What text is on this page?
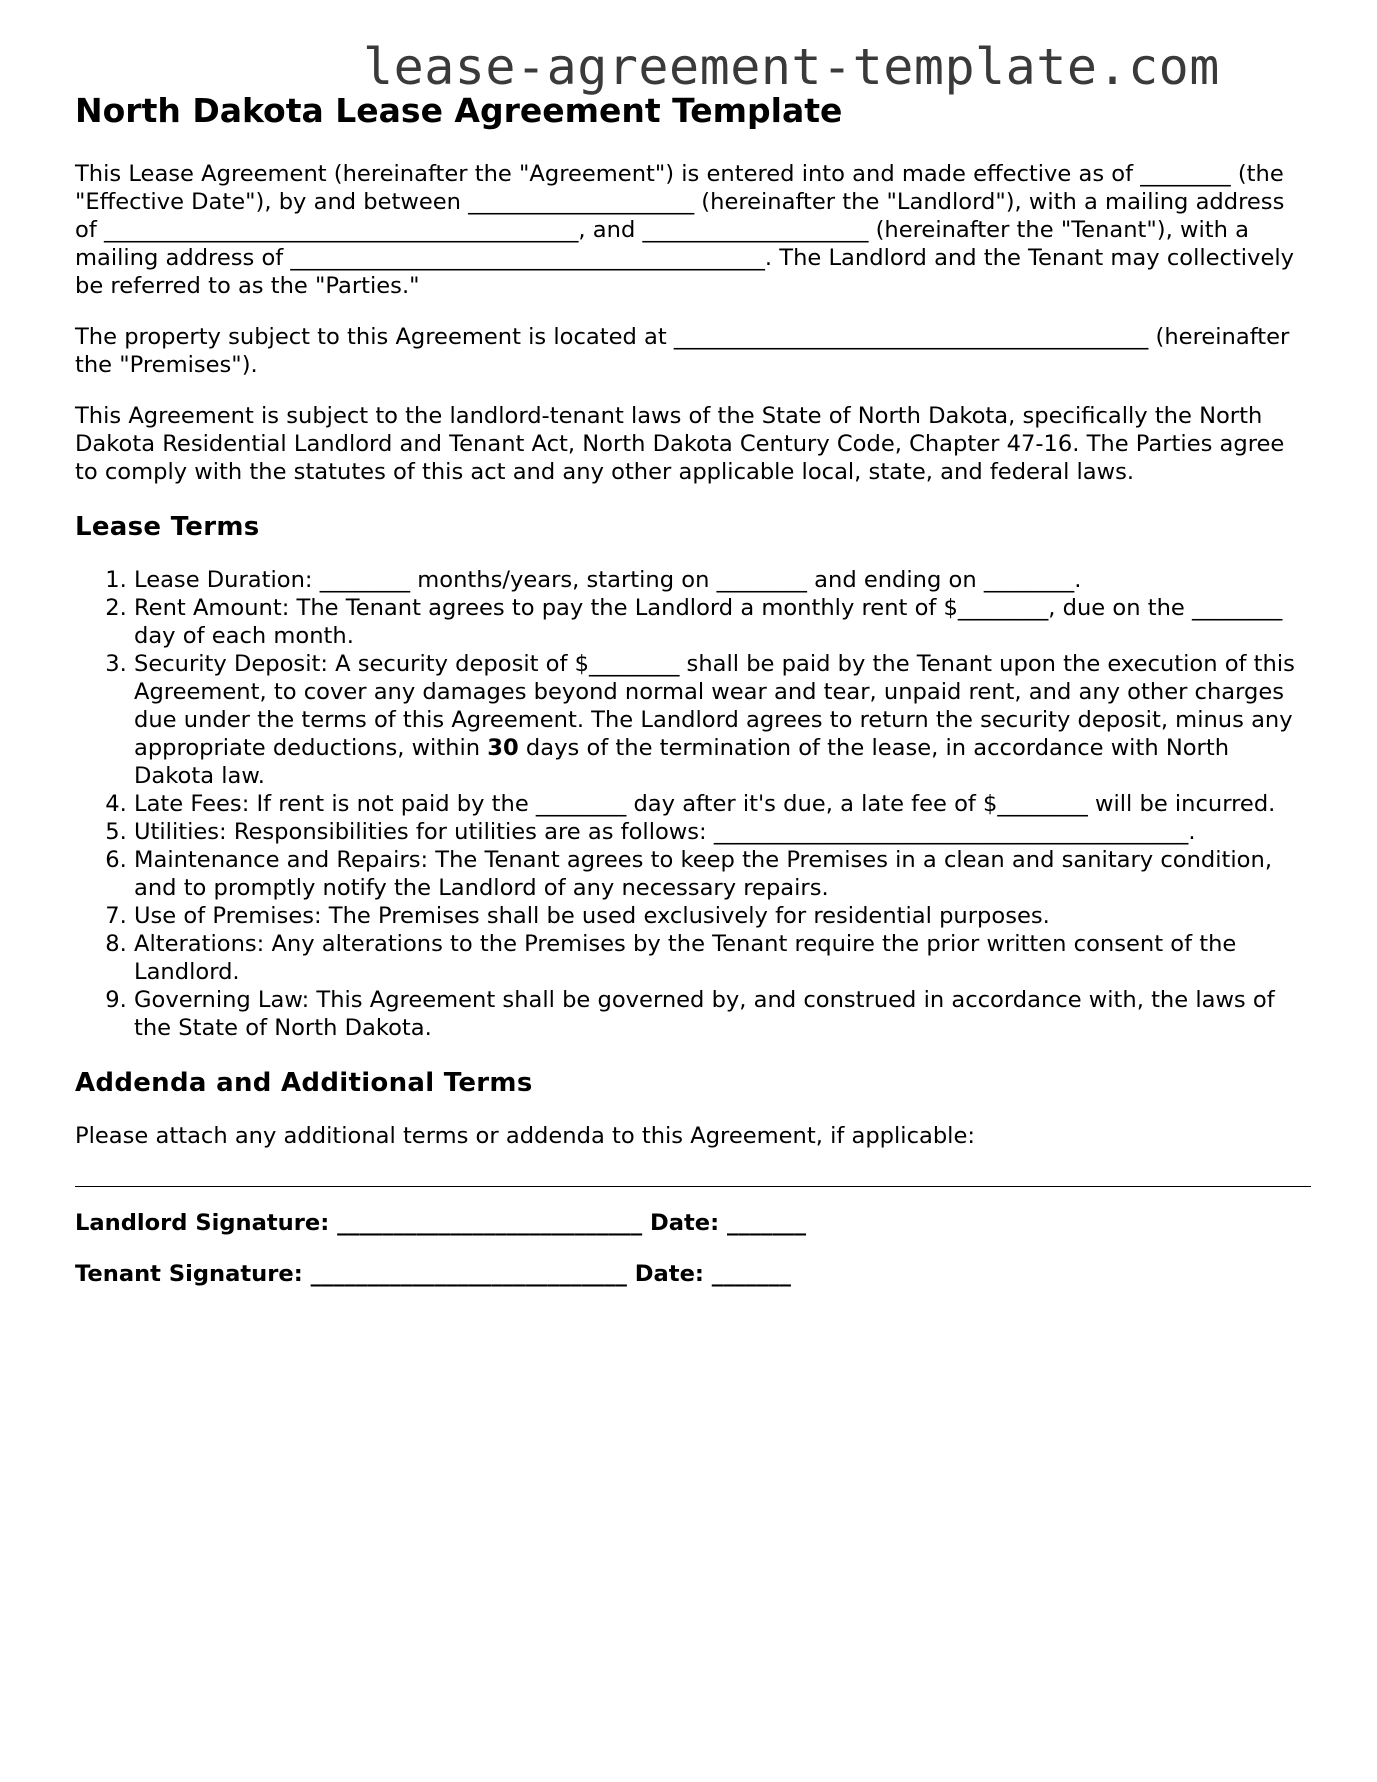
lease-agreement-template.com
North Dakota Lease Agreement Template

This Lease Agreement (hereinafter the "Agreement") is entered into and made effective as of ________ (the "Effective Date"), by and between ____________________ (hereinafter the "Landlord"), with a mailing address of __________________________________________, and ____________________ (hereinafter the "Tenant"), with a mailing address of __________________________________________. The Landlord and the Tenant may collectively be referred to as the "Parties."

The property subject to this Agreement is located at __________________________________________ (hereinafter the "Premises").

This Agreement is subject to the landlord-tenant laws of the State of North Dakota, specifically the North Dakota Residential Landlord and Tenant Act, North Dakota Century Code, Chapter 47-16. The Parties agree to comply with the statutes of this act and any other applicable local, state, and federal laws.

Lease Terms
1. Lease Duration: ________ months/years, starting on ________ and ending on ________.
2. Rent Amount: The Tenant agrees to pay the Landlord a monthly rent of $________, due on the ________ day of each month.
3. Security Deposit: A security deposit of $________ shall be paid by the Tenant upon the execution of this Agreement, to cover any damages beyond normal wear and tear, unpaid rent, and any other charges due under the terms of this Agreement. The Landlord agrees to return the security deposit, minus any appropriate deductions, within 30 days of the termination of the lease, in accordance with North Dakota law.
4. Late Fees: If rent is not paid by the ________ day after it's due, a late fee of $________ will be incurred.
5. Utilities: Responsibilities for utilities are as follows: __________________________________________.
6. Maintenance and Repairs: The Tenant agrees to keep the Premises in a clean and sanitary condition, and to promptly notify the Landlord of any necessary repairs.
7. Use of Premises: The Premises shall be used exclusively for residential purposes.
8. Alterations: Any alterations to the Premises by the Tenant require the prior written consent of the Landlord.
9. Governing Law: This Agreement shall be governed by, and construed in accordance with, the laws of the State of North Dakota.
Addenda and Additional Terms

Please attach any additional terms or addenda to this Agreement, if applicable:

Landlord Signature: ___________________________ Date: _______
Tenant Signature: ____________________________ Date: _______
